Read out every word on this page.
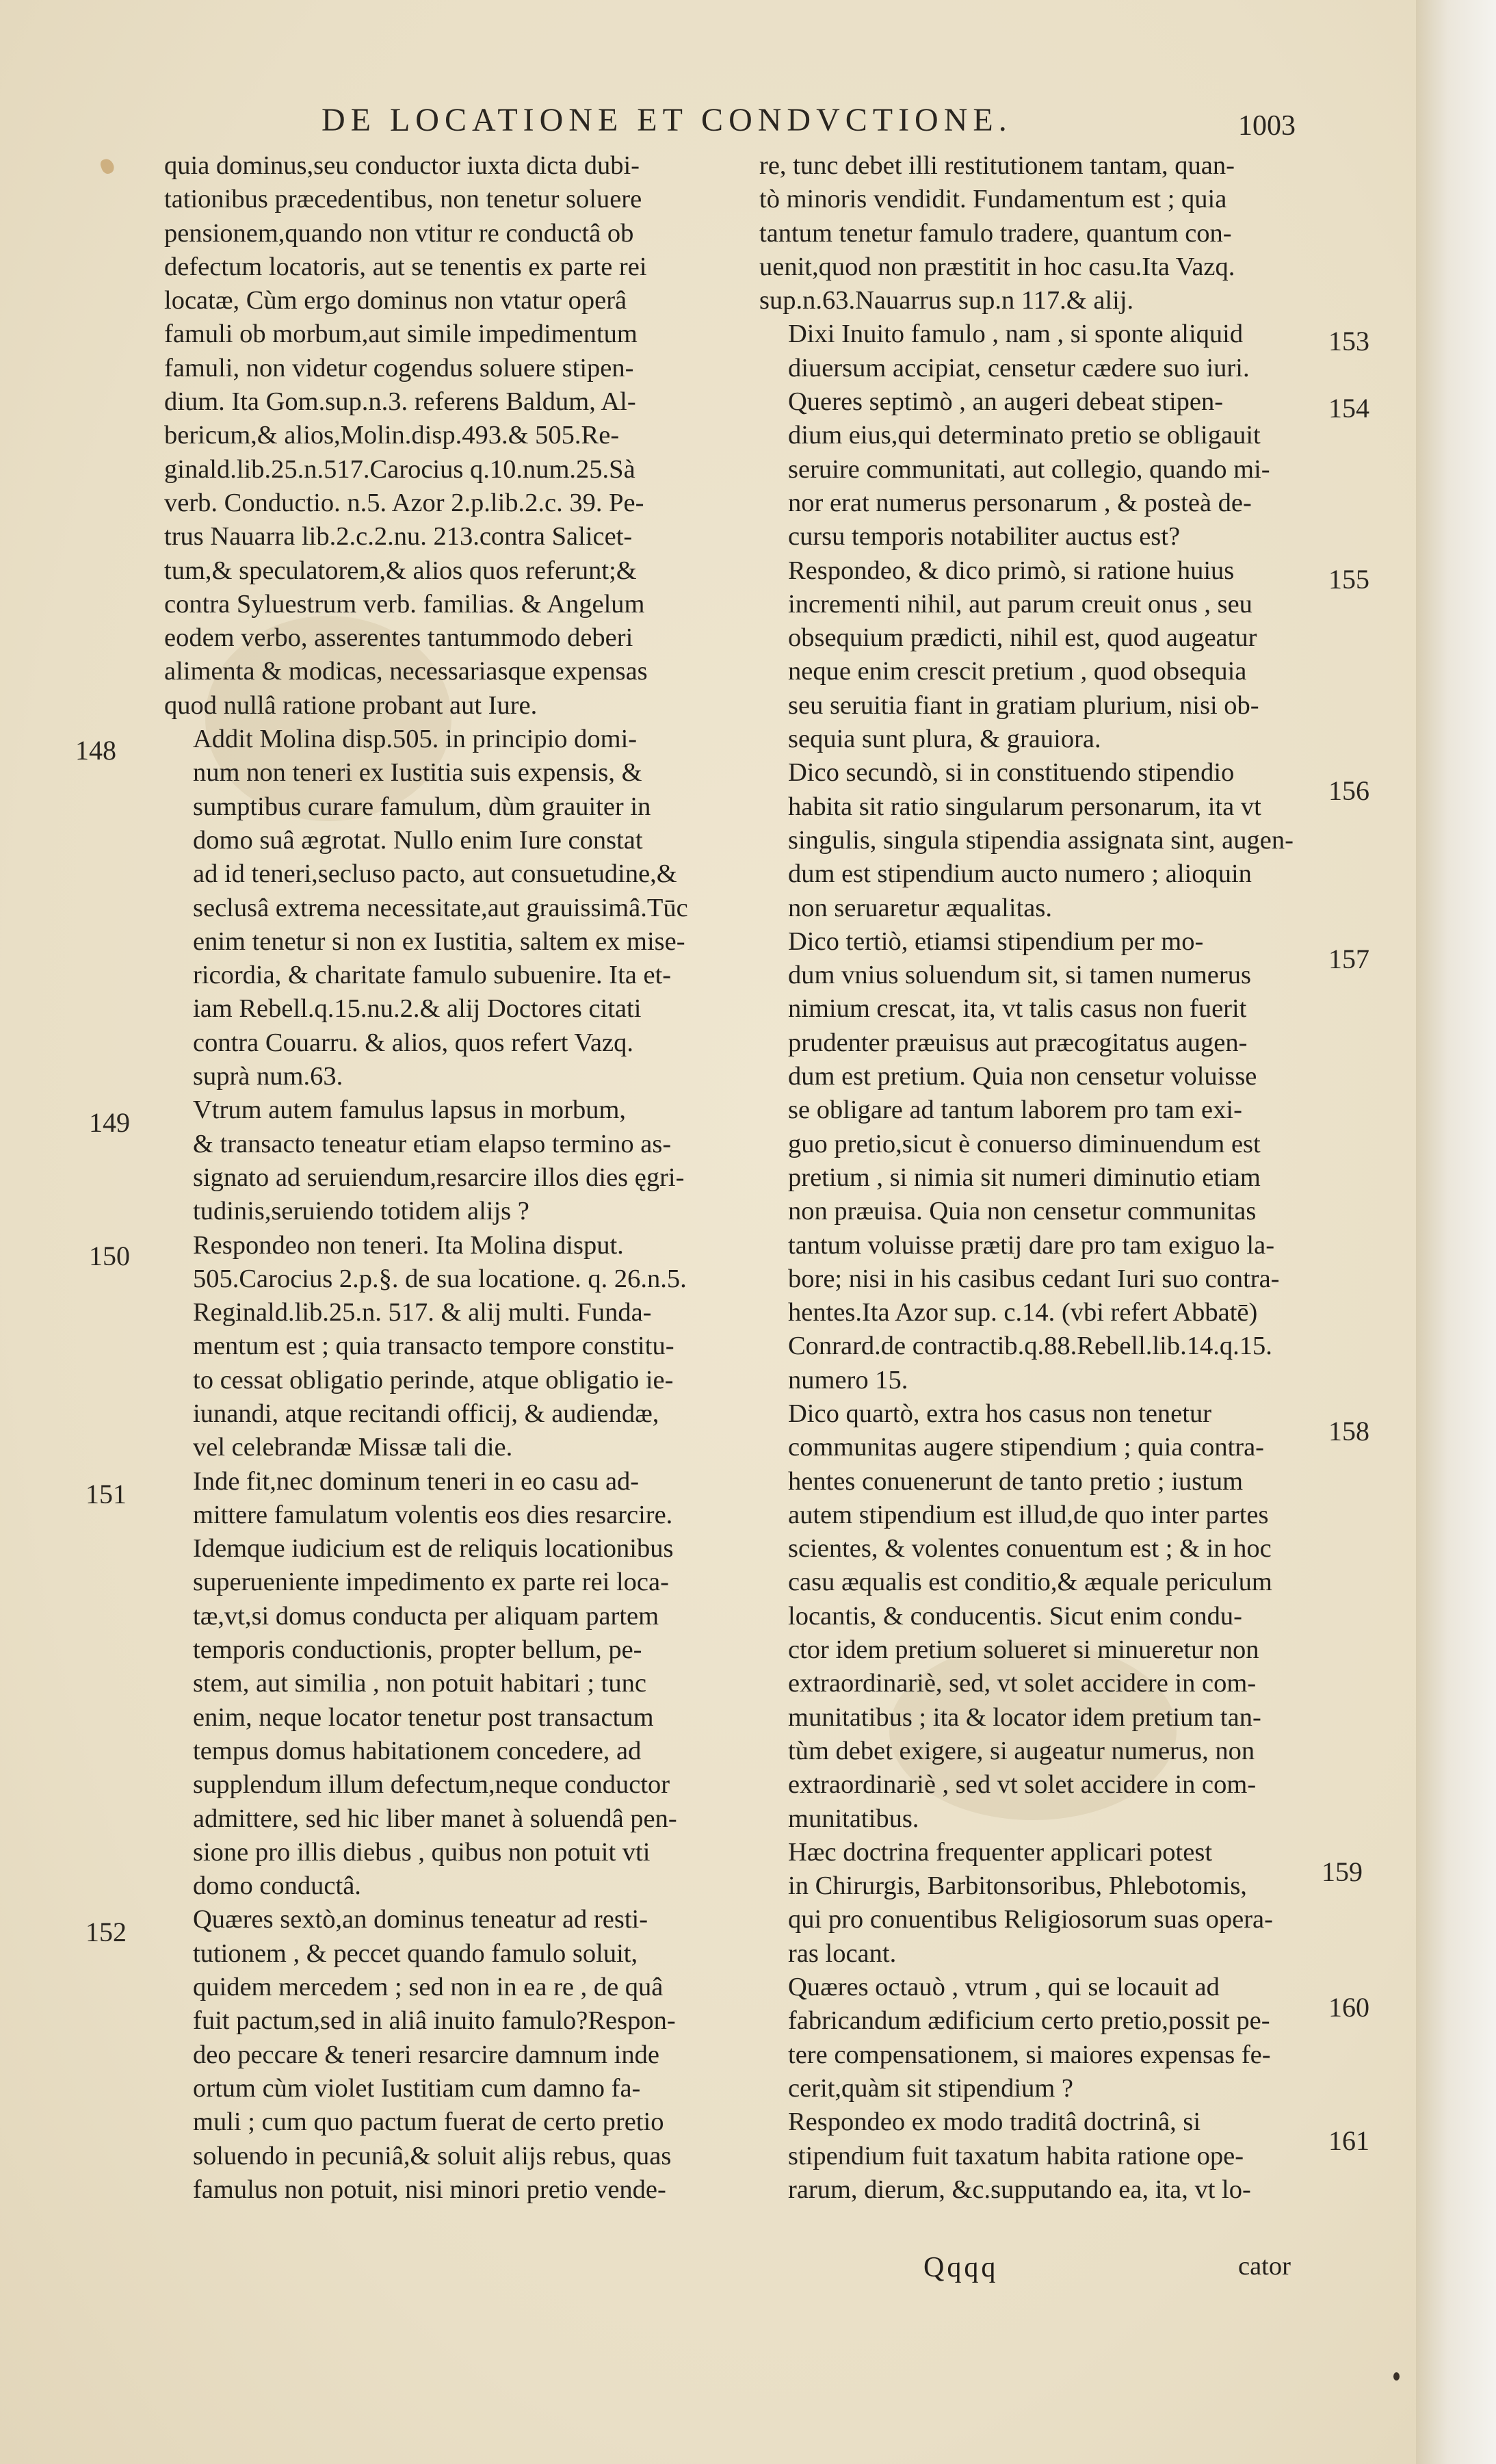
DE LOCATIONE ET CONDVCTIONE.	1003

quia dominus,seu conductor iuxta dicta dubi-
tationibus præcedentibus, non tenetur soluere
pensionem,quando non vtitur re conductâ ob
defectum locatoris, aut se tenentis ex parte rei
locatæ, Cùm ergo dominus non vtatur operâ
famuli ob morbum,aut simile impedimentum
famuli, non videtur cogendus soluere stipen-
dium. Ita Gom.sup.n.3. referens Baldum, Al-
bericum,& alios,Molin.disp.493.& 505.Re-
ginald.lib.25.n.517.Carocius q.10.num.25.Sà
verb. Conductio. n.5. Azor 2.p.lib.2.c. 39. Pe-
trus Nauarra lib.2.c.2.nu. 213.contra Salicet-
tum,& speculatorem,& alios quos referunt;&
contra Syluestrum verb. familias. & Angelum
eodem verbo, asserentes tantummodo deberi
alimenta & modicas, necessariasque expensas
quod nullâ ratione probant aut Iure.

Addit Molina disp.505. in principio domi-
num non teneri ex Iustitia suis expensis, &
sumptibus curare famulum, dùm grauiter in
domo suâ ægrotat. Nullo enim Iure constat
ad id teneri,secluso pacto, aut consuetudine,&
seclusâ extrema necessitate,aut grauissimâ.Tūc
enim tenetur si non ex Iustitia, saltem ex mise-
ricordia, & charitate famulo subuenire. Ita et-
iam Rebell.q.15.nu.2.& alij Doctores citati
contra Couarru. & alios, quos refert Vazq.
suprà num.63.

Vtrum autem famulus lapsus in morbum,
& transacto teneatur etiam elapso termino as-
signato ad seruiendum,resarcire illos dies ęgri-
tudinis,seruiendo totidem alijs ?

Respondeo non teneri. Ita Molina disput.
505.Carocius 2.p.§. de sua locatione. q. 26.n.5.
Reginald.lib.25.n. 517. & alij multi. Funda-
mentum est ; quia transacto tempore constitu-
to cessat obligatio perinde, atque obligatio ie-
iunandi, atque recitandi officij, & audiendæ,
vel celebrandæ Missæ tali die.

Inde fit,nec dominum teneri in eo casu ad-
mittere famulatum volentis eos dies resarcire.
Idemque iudicium est de reliquis locationibus
superueniente impedimento ex parte rei loca-
tæ,vt,si domus conducta per aliquam partem
temporis conductionis, propter bellum, pe-
stem, aut similia , non potuit habitari ; tunc
enim, neque locator tenetur post transactum
tempus domus habitationem concedere, ad
supplendum illum defectum,neque conductor
admittere, sed hic liber manet à soluendâ pen-
sione pro illis diebus , quibus non potuit vti
domo conductâ.

Quæres sextò,an dominus teneatur ad resti-
tutionem , & peccet quando famulo soluit,
quidem mercedem ; sed non in ea re , de quâ
fuit pactum,sed in aliâ inuito famulo?Respon-
deo peccare & teneri resarcire damnum inde
ortum cùm violet Iustitiam cum damno fa-
muli ; cum quo pactum fuerat de certo pretio
soluendo in pecuniâ,& soluit alijs rebus, quas
famulus non potuit, nisi minori pretio vende-

re, tunc debet illi restitutionem tantam, quan-
tò minoris vendidit. Fundamentum est ; quia
tantum tenetur famulo tradere, quantum con-
uenit,quod non præstitit in hoc casu.Ita Vazq.
sup.n.63.Nauarrus sup.n 117.& alij.

Dixi Inuito famulo , nam , si sponte aliquid
diuersum accipiat, censetur cædere suo iuri.

Queres septimò , an augeri debeat stipen-
dium eius,qui determinato pretio se obligauit
seruire communitati, aut collegio, quando mi-
nor erat numerus personarum , & posteà de-
cursu temporis notabiliter auctus est?

Respondeo, & dico primò, si ratione huius
incrementi nihil, aut parum creuit onus , seu
obsequium prædicti, nihil est, quod augeatur
neque enim crescit pretium , quod obsequia
seu seruitia fiant in gratiam plurium, nisi ob-
sequia sunt plura, & grauiora.

Dico secundò, si in constituendo stipendio
habita sit ratio singularum personarum, ita vt
singulis, singula stipendia assignata sint, augen-
dum est stipendium aucto numero ; alioquin
non seruaretur æqualitas.

Dico tertiò, etiamsi stipendium per mo-
dum vnius soluendum sit, si tamen numerus
nimium crescat, ita, vt talis casus non fuerit
prudenter præuisus aut præcogitatus augen-
dum est pretium. Quia non censetur voluisse
se obligare ad tantum laborem pro tam exi-
guo pretio,sicut è conuerso diminuendum est
pretium , si nimia sit numeri diminutio etiam
non præuisa. Quia non censetur communitas
tantum voluisse prætij dare pro tam exiguo la-
bore; nisi in his casibus cedant Iuri suo contra-
hentes.Ita Azor sup. c.14. (vbi refert Abbatē)
Conrard.de contractib.q.88.Rebell.lib.14.q.15.
numero 15.

Dico quartò, extra hos casus non tenetur
communitas augere stipendium ; quia contra-
hentes conuenerunt de tanto pretio ; iustum
autem stipendium est illud,de quo inter partes
scientes, & volentes conuentum est ; & in hoc
casu æqualis est conditio,& æquale periculum
locantis, & conducentis. Sicut enim condu-
ctor idem pretium solueret si minueretur non
extraordinariè, sed, vt solet accidere in com-
munitatibus ; ita & locator idem pretium tan-
tùm debet exigere, si augeatur numerus, non
extraordinariè , sed vt solet accidere in com-
munitatibus.

Hæc doctrina frequenter applicari potest
in Chirurgis, Barbitonsoribus, Phlebotomis,
qui pro conuentibus Religiosorum suas opera-
ras locant.

Quæres octauò , vtrum , qui se locauit ad
fabricandum ædificium certo pretio,possit pe-
tere compensationem, si maiores expensas fe-
cerit,quàm sit stipendium ?

Respondeo ex modo traditâ doctrinâ, si
stipendium fuit taxatum habita ratione ope-
rarum, dierum, &c.supputando ea, ita, vt lo-

148
149
150
151
152
153
154
155
156
157
158
159
160
161
Qqqq	cator
